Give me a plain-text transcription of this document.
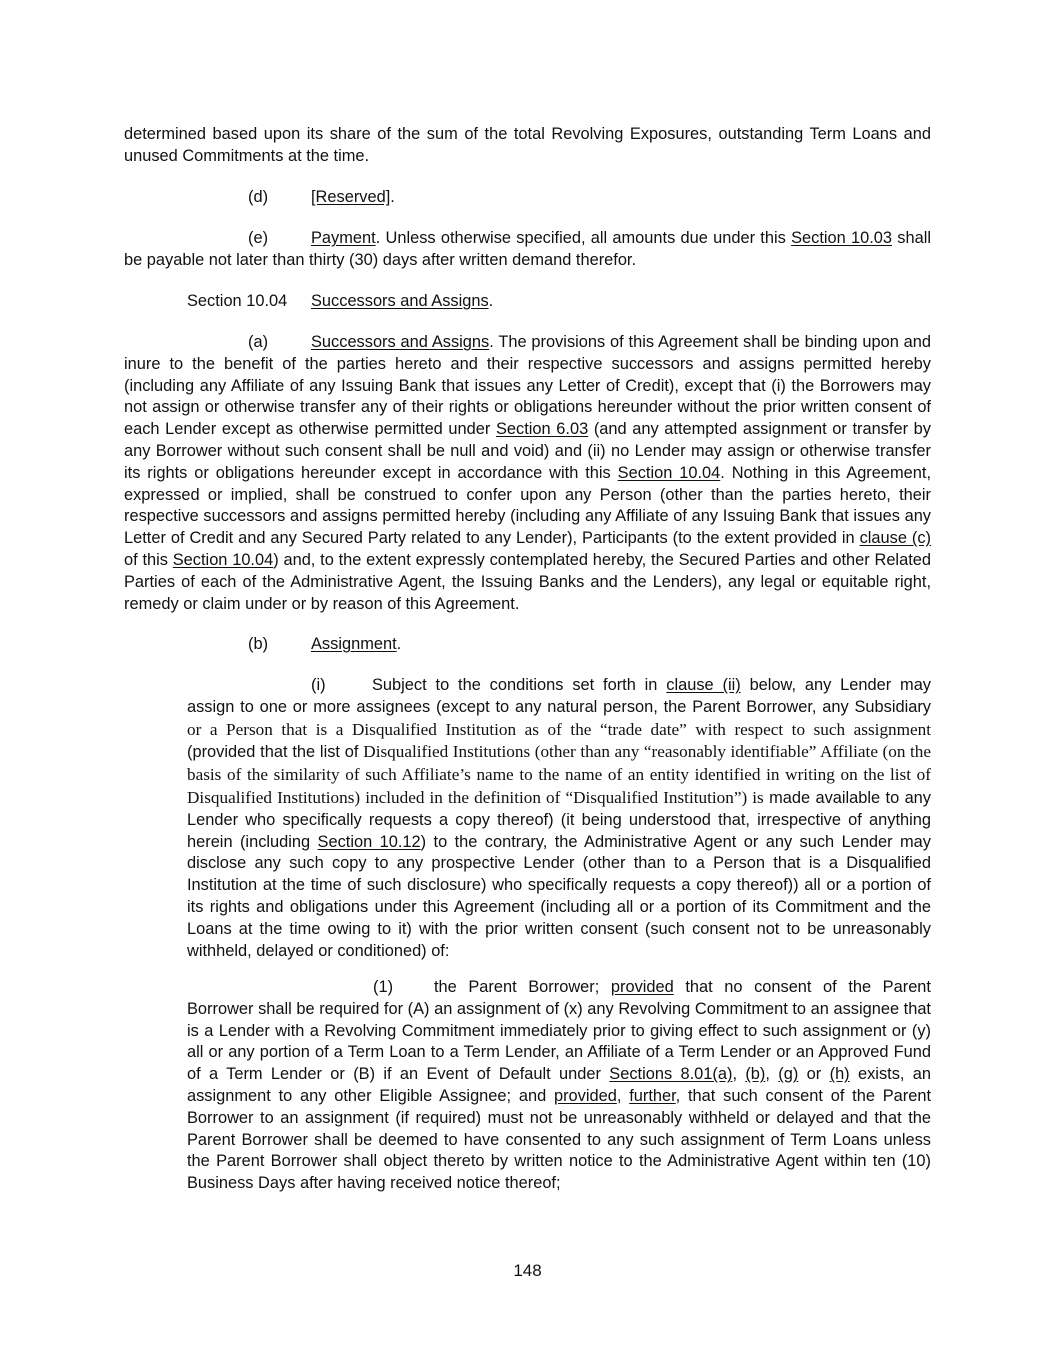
determined based upon its share of the sum of the total Revolving Exposures, outstanding Term Loans and unused Commitments at the time.

(d)	[Reserved].

(e)	Payment. Unless otherwise specified, all amounts due under this Section 10.03 shall be payable not later than thirty (30) days after written demand therefor.

Section 10.04 Successors and Assigns.

(a)	Successors and Assigns. The provisions of this Agreement shall be binding upon and inure to the benefit of the parties hereto and their respective successors and assigns permitted hereby (including any Affiliate of any Issuing Bank that issues any Letter of Credit), except that (i) the Borrowers may not assign or otherwise transfer any of their rights or obligations hereunder without the prior written consent of each Lender except as otherwise permitted under Section 6.03 (and any attempted assignment or transfer by any Borrower without such consent shall be null and void) and (ii) no Lender may assign or otherwise transfer its rights or obligations hereunder except in accordance with this Section 10.04. Nothing in this Agreement, expressed or implied, shall be construed to confer upon any Person (other than the parties hereto, their respective successors and assigns permitted hereby (including any Affiliate of any Issuing Bank that issues any Letter of Credit and any Secured Party related to any Lender), Participants (to the extent provided in clause (c) of this Section 10.04) and, to the extent expressly contemplated hereby, the Secured Parties and other Related Parties of each of the Administrative Agent, the Issuing Banks and the Lenders), any legal or equitable right, remedy or claim under or by reason of this Agreement.

(b)	Assignment.

(i)	Subject to the conditions set forth in clause (ii) below, any Lender may assign to one or more assignees (except to any natural person, the Parent Borrower, any Subsidiary or a Person that is a Disqualified Institution as of the “trade date” with respect to such assignment (provided that the list of Disqualified Institutions (other than any “reasonably identifiable” Affiliate (on the basis of the similarity of such Affiliate’s name to the name of an entity identified in writing on the list of Disqualified Institutions) included in the definition of “Disqualified Institution”) is made available to any Lender who specifically requests a copy thereof) (it being understood that, irrespective of anything herein (including Section 10.12) to the contrary, the Administrative Agent or any such Lender may disclose any such copy to any prospective Lender (other than to a Person that is a Disqualified Institution at the time of such disclosure) who specifically requests a copy thereof)) all or a portion of its rights and obligations under this Agreement (including all or a portion of its Commitment and the Loans at the time owing to it) with the prior written consent (such consent not to be unreasonably withheld, delayed or conditioned) of:

(1) the Parent Borrower; provided that no consent of the Parent Borrower shall be required for (A) an assignment of (x) any Revolving Commitment to an assignee that is a Lender with a Revolving Commitment immediately prior to giving effect to such assignment or (y) all or any portion of a Term Loan to a Term Lender, an Affiliate of a Term Lender or an Approved Fund of a Term Lender or (B) if an Event of Default under Sections 8.01(a), (b), (g) or (h) exists, an assignment to any other Eligible Assignee; and provided, further, that such consent of the Parent Borrower to an assignment (if required) must not be unreasonably withheld or delayed and that the Parent Borrower shall be deemed to have consented to any such assignment of Term Loans unless the Parent Borrower shall object thereto by written notice to the Administrative Agent within ten (10) Business Days after having received notice thereof;

148
